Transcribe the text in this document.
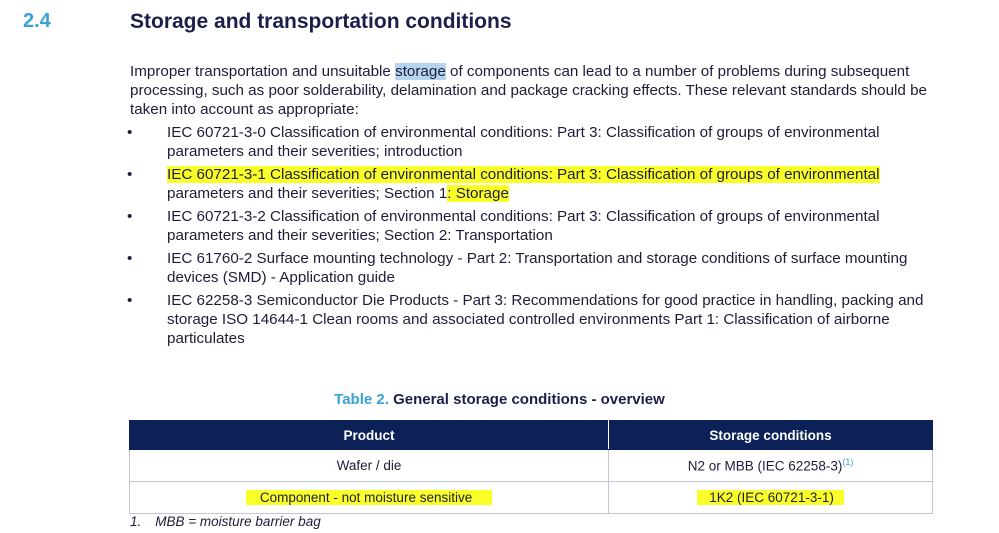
2.4	Storage and transportation conditions

Improper transportation and unsuitable storage of components can lead to a number of problems during subsequent processing, such as poor solderability, delamination and package cracking effects. These relevant standards should be taken into account as appropriate:

• IEC 60721-3-0 Classification of environmental conditions: Part 3: Classification of groups of environmental parameters and their severities; introduction
• IEC 60721-3-1 Classification of environmental conditions: Part 3: Classification of groups of environmental parameters and their severities; Section 1: Storage
• IEC 60721-3-2 Classification of environmental conditions: Part 3: Classification of groups of environmental parameters and their severities; Section 2: Transportation
• IEC 61760-2 Surface mounting technology - Part 2: Transportation and storage conditions of surface mounting devices (SMD) - Application guide
• IEC 62258-3 Semiconductor Die Products - Part 3: Recommendations for good practice in handling, packing and storage ISO 14644-1 Clean rooms and associated controlled environments Part 1: Classification of airborne particulates
Table 2. General storage conditions - overview
Product	Storage conditions
Wafer / die	N2 or MBB (IEC 62258-3)$^{(1)}$
Component - not moisture sensitive	1K2 (IEC 60721-3-1)
1. MBB = moisture barrier bag
